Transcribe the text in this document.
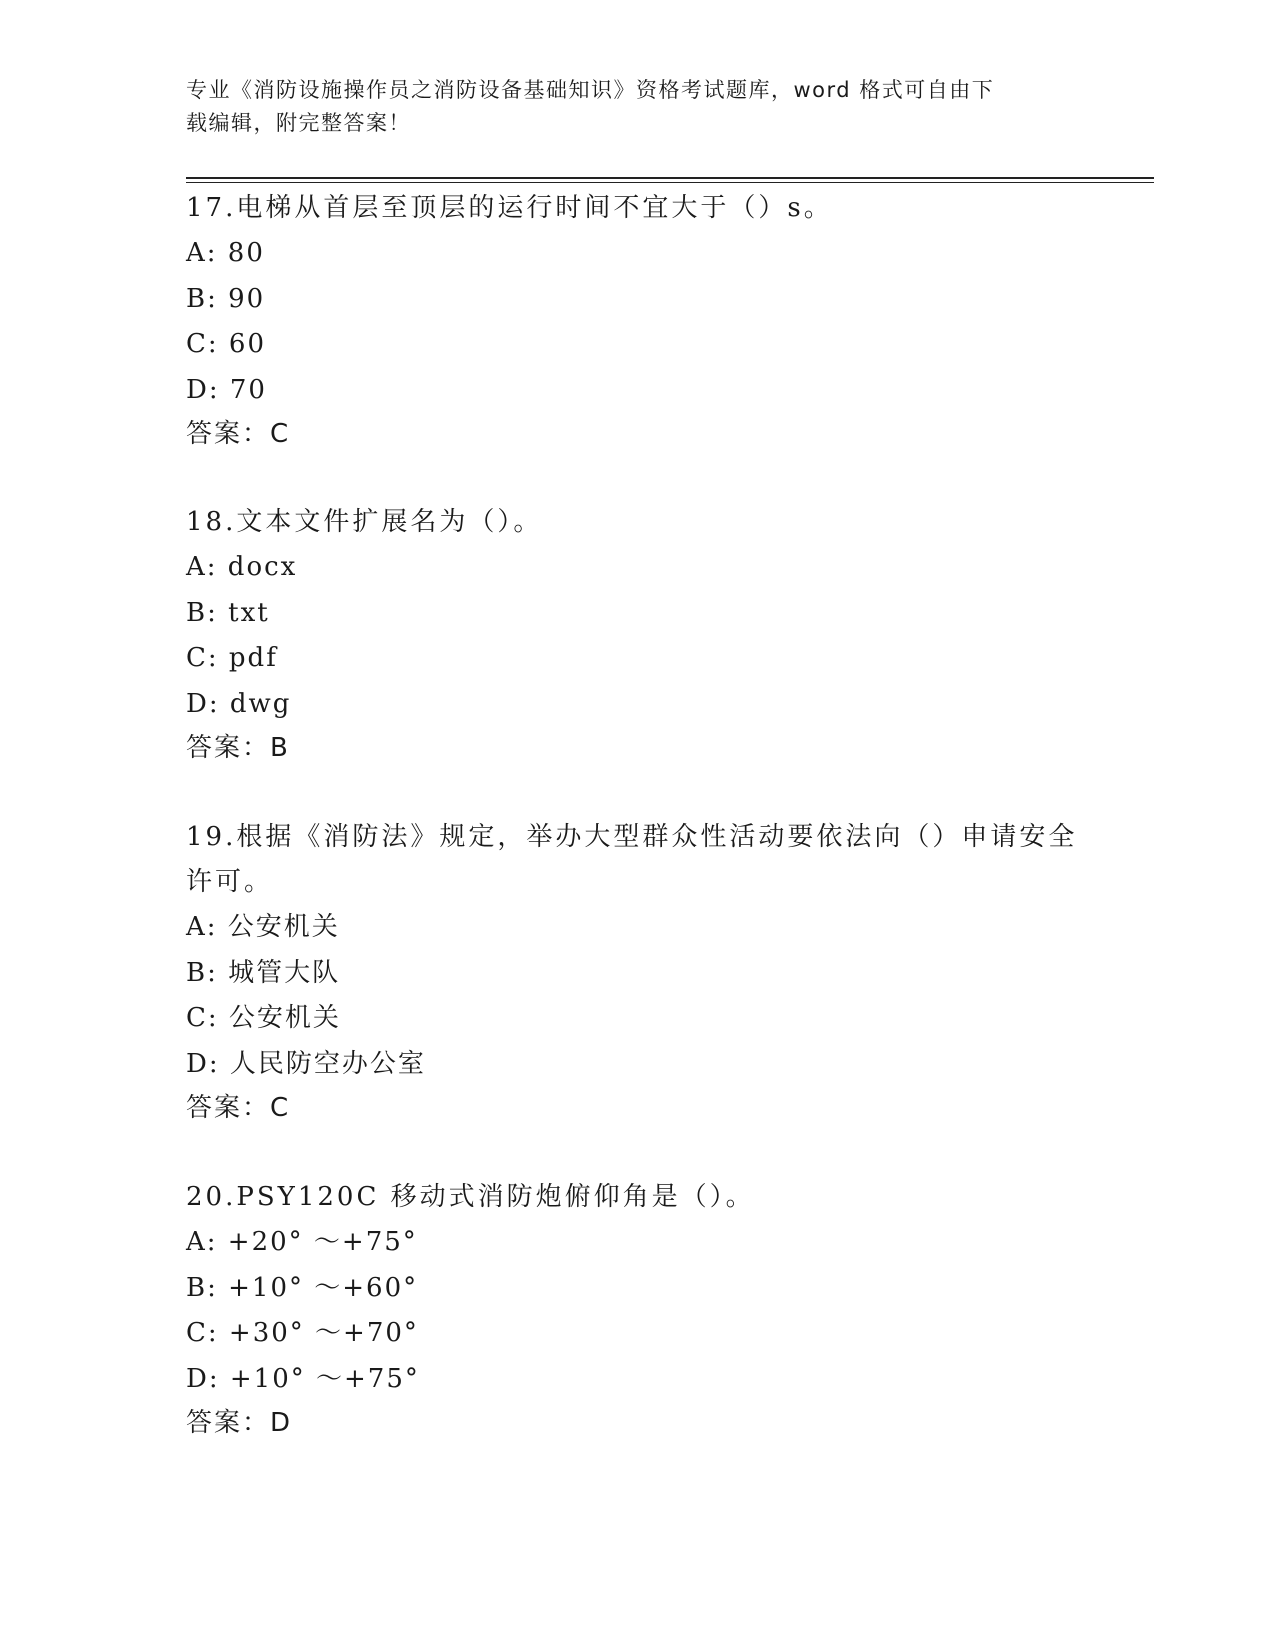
专业《消防设施操作员之消防设备基础知识》资格考试题库，word 格式可自由下
载编辑，附完整答案！

17.电梯从首层至顶层的运行时间不宜大于（）s。

A: 80

B: 90

C: 60

D: 70

答案：C

18.文本文件扩展名为（）。

A: docx

B: txt

C: pdf

D: dwg

答案：B

19.根据《消防法》规定，举办大型群众性活动要依法向（）申请安全许可。

A: 公安机关

B: 城管大队

C: 公安机关

D: 人民防空办公室

答案：C

20.PSY120C 移动式消防炮俯仰角是（）。

A: +20° ～+75°

B: +10° ～+60°

C: +30° ～+70°

D: +10° ～+75°

答案：D
